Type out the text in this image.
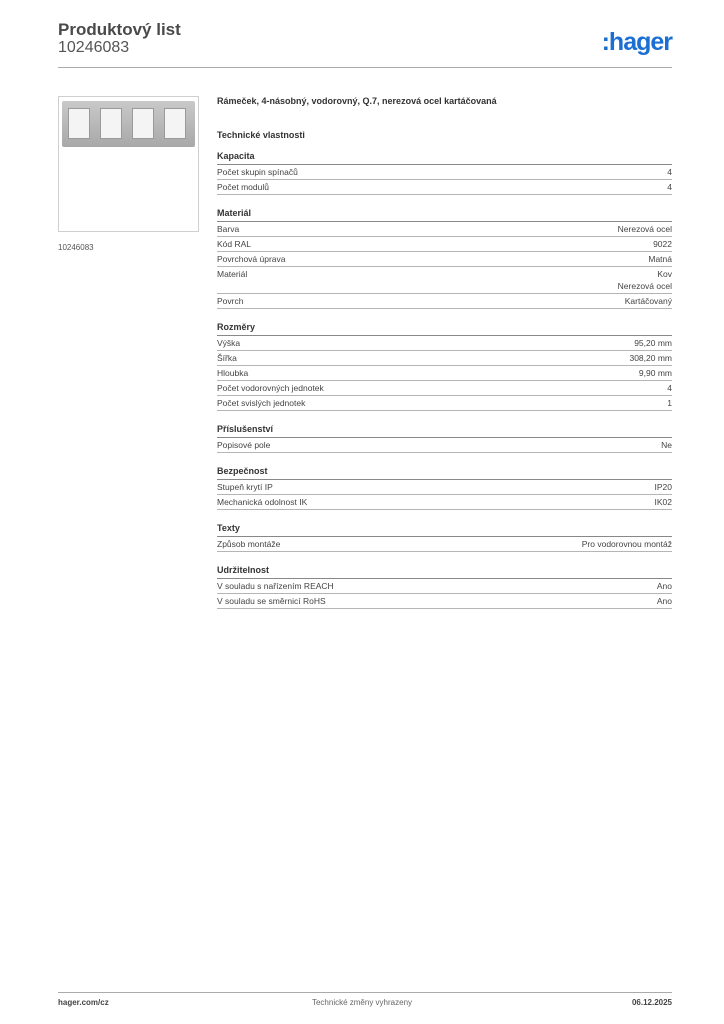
Produktový list
10246083	:hager
10246083
Rámeček, 4-násobný, vodorovný, Q.7, nerezová ocel kartáčovaná
Technické vlastnosti
Kapacita
Počet skupin spínačů	4
Počet modulů	4
Materiál
Barva	Nerezová ocel
Kód RAL	9022
Povrchová úprava	Matná
Materiál	Kov
Nerezová ocel
Povrch	Kartáčovaný
Rozměry
Výška	95,20 mm
Šířka	308,20 mm
Hloubka	9,90 mm
Počet vodorovných jednotek	4
Počet svislých jednotek	1
Příslušenství
Popisové pole	Ne
Bezpečnost
Stupeň krytí IP	IP20
Mechanická odolnost IK	IK02
Texty
Způsob montáže	Pro vodorovnou montáž
Udržitelnost
V souladu s nařízením REACH	Ano
V souladu se směrnicí RoHS	Ano
hager.com/cz	Technické změny vyhrazeny	06.12.2025
